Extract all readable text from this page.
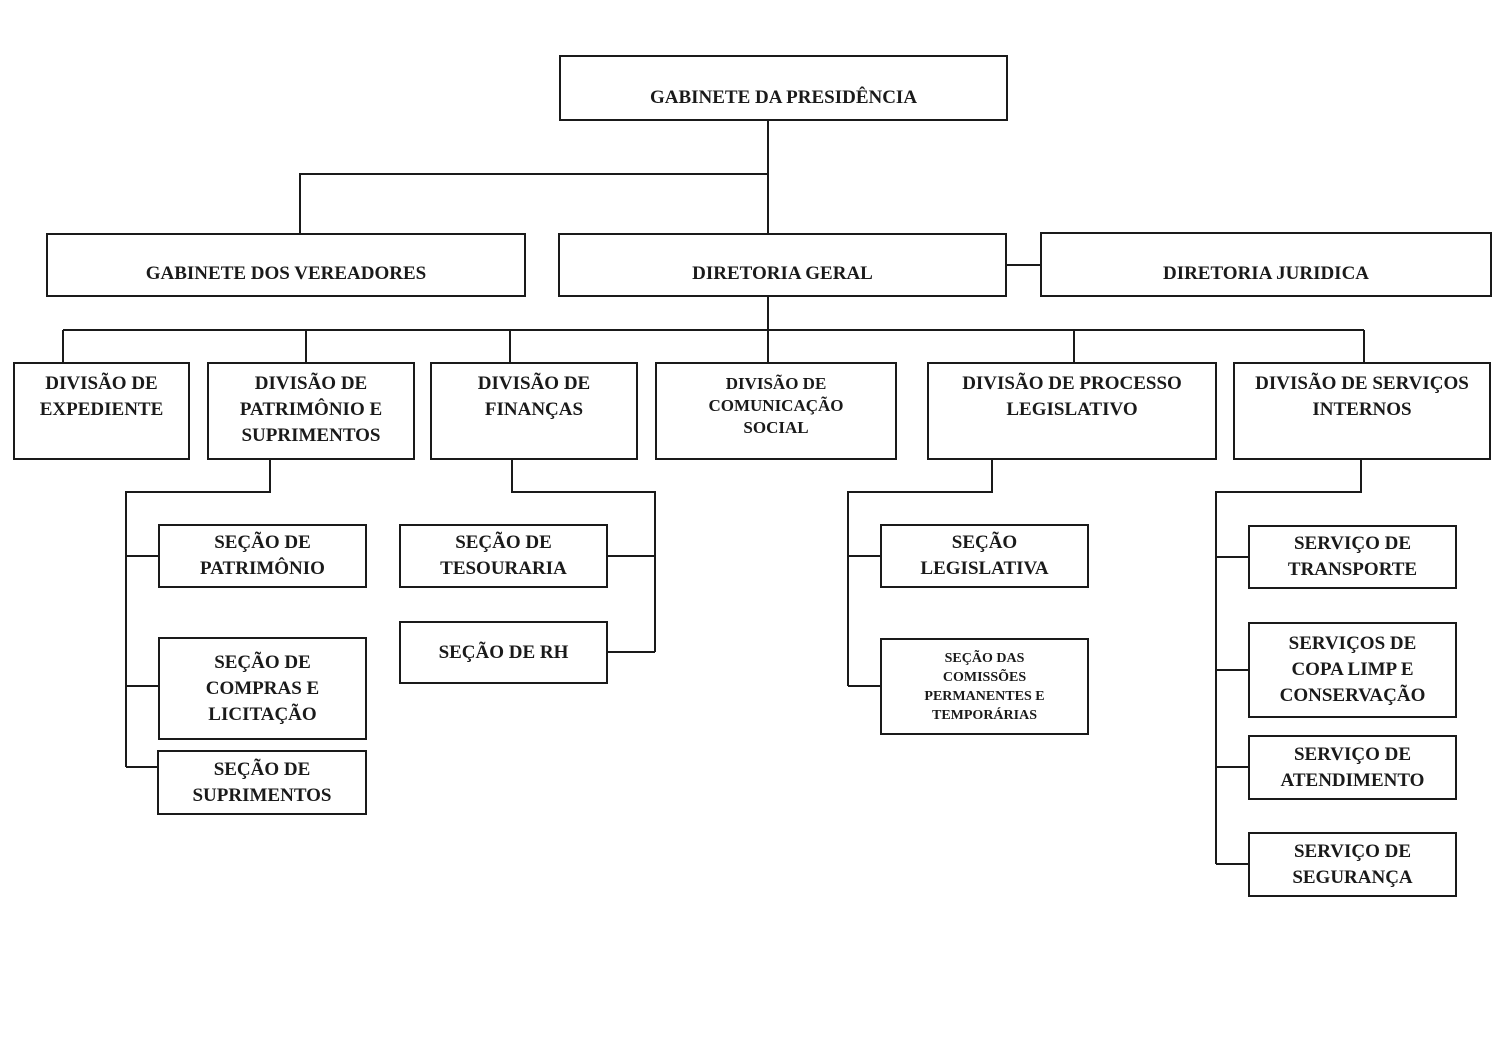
GABINETE DA PRESIDÊNCIA
GABINETE DOS VEREADORES	DIRETORIA GERAL	DIRETORIA JURIDICA
DIVISÃO DE
EXPEDIENTE
DIVISÃO DE
PATRIMÔNIO E
SUPRIMENTOS
DIVISÃO DE
FINANÇAS
DIVISÃO DE
COMUNICAÇÃO
SOCIAL
DIVISÃO DE PROCESSO
LEGISLATIVO
DIVISÃO DE SERVIÇOS
INTERNOS
SEÇÃO DE
PATRIMÔNIO
SEÇÃO DE
COMPRAS E
LICITAÇÃO
SEÇÃO DE
SUPRIMENTOS
SEÇÃO DE
TESOURARIA
SEÇÃO DE RH
SEÇÃO
LEGISLATIVA
SEÇÃO DAS
COMISSÕES
PERMANENTES E
TEMPORÁRIAS
SERVIÇO DE
TRANSPORTE
SERVIÇOS DE
COPA LIMP E
CONSERVAÇÃO
SERVIÇO DE
ATENDIMENTO
SERVIÇO DE
SEGURANÇA
